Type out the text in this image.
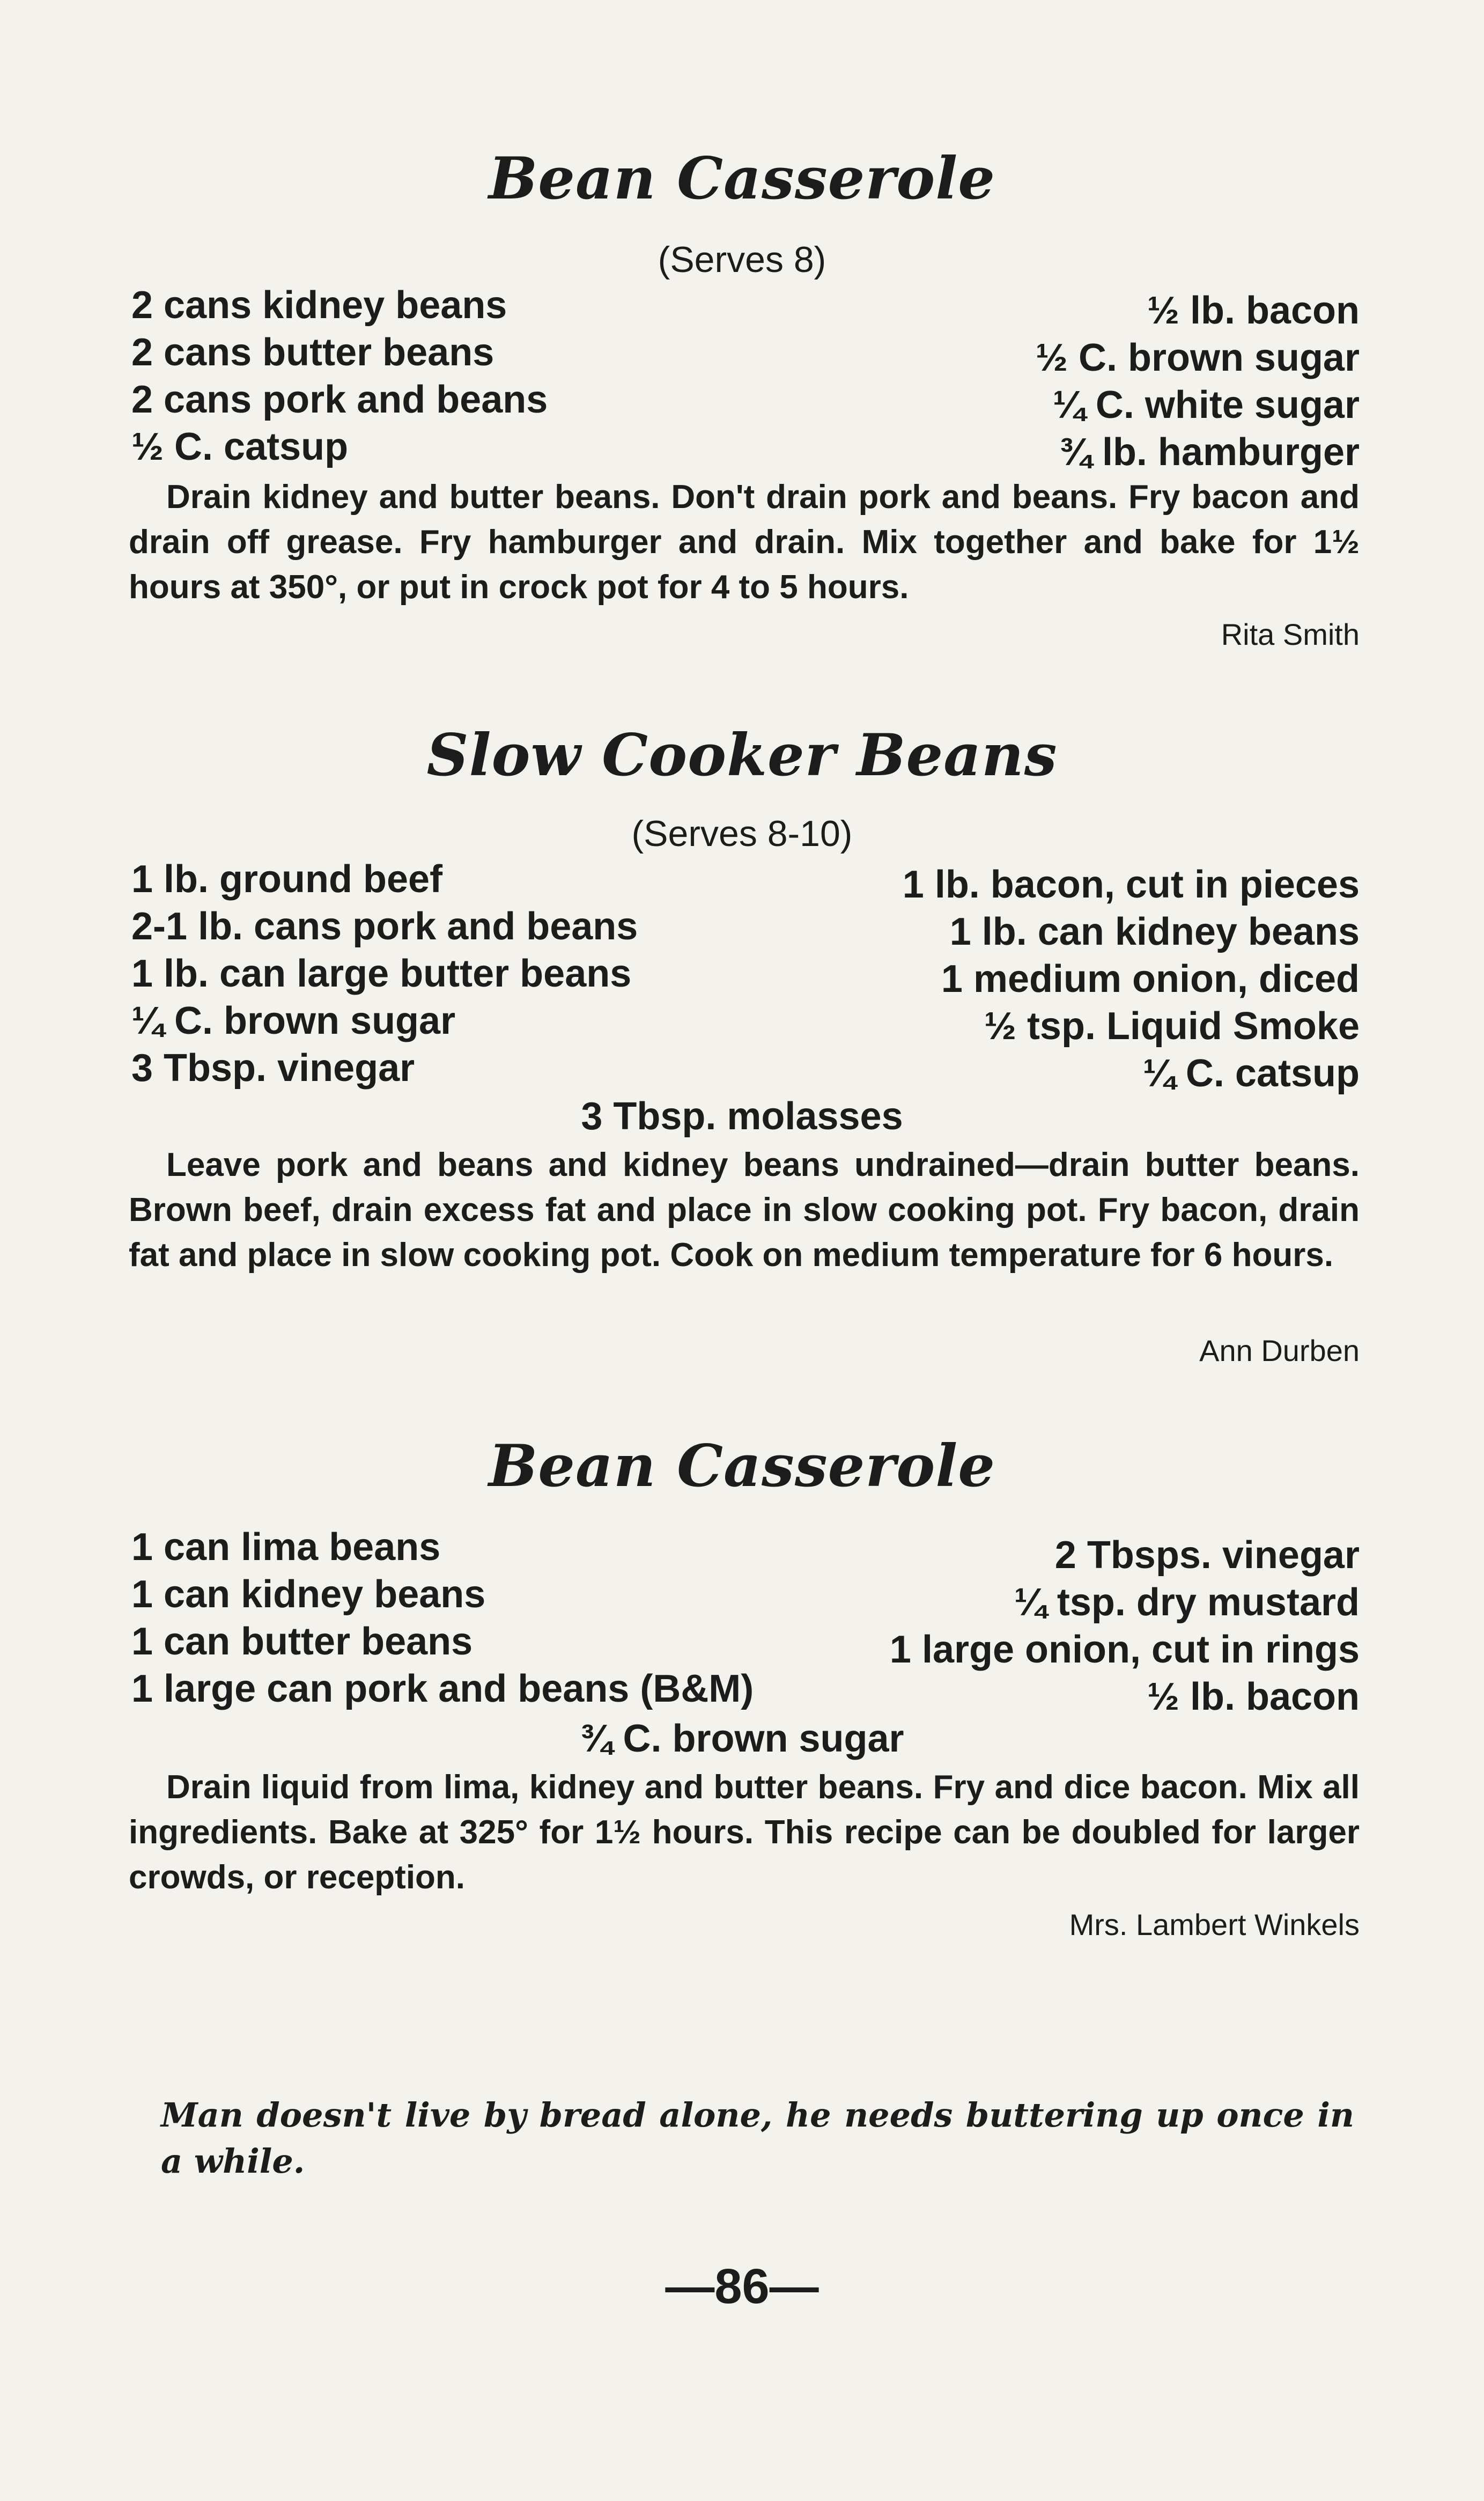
Bean Casserole

(Serves 8)

2 cans kidney beans
2 cans butter beans
2 cans pork and beans
½ C. catsup
½ lb. bacon
½ C. brown sugar
¼ C. white sugar
¾ lb. hamburger

Drain kidney and butter beans. Don't drain pork and beans. Fry bacon and drain off grease. Fry hamburger and drain. Mix together and bake for 1½ hours at 350°, or put in crock pot for 4 to 5 hours.

Rita Smith

Slow Cooker Beans

(Serves 8-10)

1 lb. ground beef
2-1 lb. cans pork and beans
1 lb. can large butter beans
¼ C. brown sugar
3 Tbsp. vinegar
1 lb. bacon, cut in pieces
1 lb. can kidney beans
1 medium onion, diced
½ tsp. Liquid Smoke
¼ C. catsup

3 Tbsp. molasses

Leave pork and beans and kidney beans undrained—drain butter beans. Brown beef, drain excess fat and place in slow cooking pot. Fry bacon, drain fat and place in slow cooking pot. Cook on medium temperature for 6 hours.

Ann Durben

Bean Casserole
1 can lima beans
1 can kidney beans
1 can butter beans
1 large can pork and beans (B&M)
2 Tbsps. vinegar
¼ tsp. dry mustard
1 large onion, cut in rings
½ lb. bacon

¾ C. brown sugar

Drain liquid from lima, kidney and butter beans. Fry and dice bacon. Mix all ingredients. Bake at 325° for 1½ hours. This recipe can be doubled for larger crowds, or reception.

Mrs. Lambert Winkels

Man doesn't live by bread alone, he needs buttering up once in a while.

—86—
